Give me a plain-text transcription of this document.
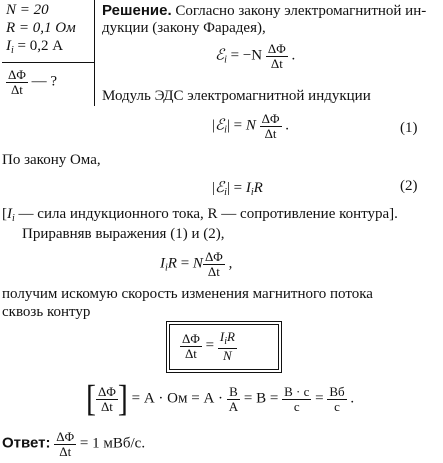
N = 20
R = 0,1 Ом
$I_i = 0,2$ А
$\frac{\Delta\Phi}{\Delta t}$ — ?
Решение. Согласно закону электромагнитной ин-
дукции (закону Фарадея),
ℰ$_i$ = $-N \frac{\Delta\Phi}{\Delta t}$ .
Модуль ЭДС электромагнитной индукции
|ℰ$_i$| = N $\frac{\Delta\Phi}{\Delta t}$ .	(1)
По закону Ома,
|ℰ$_i$| = $I_iR$	(2)
[$I_i$ — сила индукционного тока, R — сопротивление контура].
Приравняв выражения (1) и (2),
$I_iR = N \frac{\Delta\Phi}{\Delta t}$ ,
получим искомую скорость изменения магнитного потока
сквозь контур
$\frac{\Delta\Phi}{\Delta t} = \frac{I_iR}{N}$
[ $\frac{\Delta\Phi}{\Delta t}$ ] = А · Ом = $А \cdot \frac{В}{А} = В = \frac{В \cdot с}{с} = \frac{Вб}{с}$ .
Ответ: $\frac{\Delta\Phi}{\Delta t} = 1$ мВб/с.
